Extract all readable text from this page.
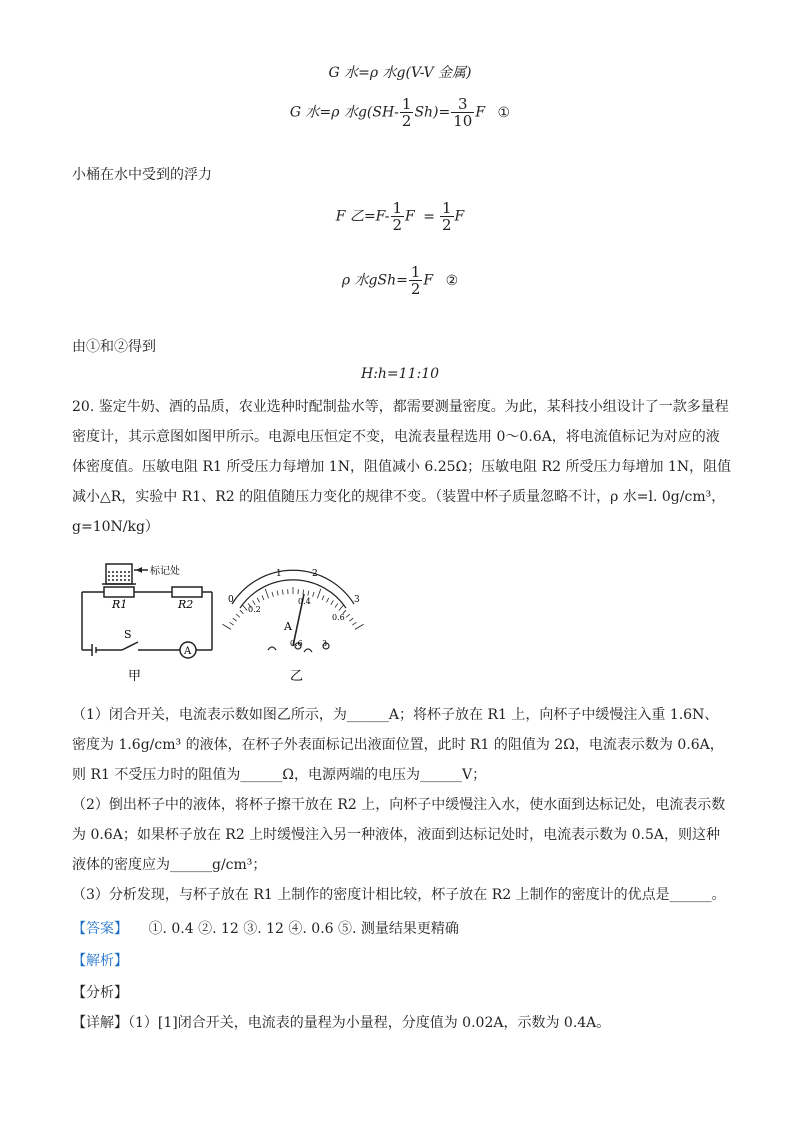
G 水=ρ 水g(V-V 金属)
G 水=ρ 水$g(SH- \frac{1}{2} Sh)= \frac{3}{10}$ F ①
小桶在水中受到的浮力
F 乙$=F- \frac{1}{2}$ $F = \frac{1}{2}$ F
ρ 水$gSh= \frac{1}{2}$ F ②
由①和②得到
H:h=11:10
20. 鉴定牛奶、酒的品质，农业选种时配制盐水等，都需要测量密度。为此，某科技小组设计了一款多量程密度计，其示意图如图甲所示。电源电压恒定不变，电流表量程选用 0～0.6A，将电流值标记为对应的液体密度值。压敏电阻 R1 所受压力每增加 1N，阻值减小 6.25Ω；压敏电阻 R2 所受压力每增加 1N，阻值减小△R，实验中 R1、R2 的阻值随压力变化的规律不变。（装置中杯子质量忽略不计，ρ 水=l. 0g/cm³，g=10N/kg）
标记处
R1	R2
S
A
甲
0
1	2
3
0.2
0.4
0.6
A
0.6 3
乙
（1）闭合开关，电流表示数如图乙所示，为______A；将杯子放在 R1 上，向杯子中缓慢注入重 1.6N、密度为 1.6g/cm³ 的液体，在杯子外表面标记出液面位置，此时 R1 的阻值为 2Ω，电流表示数为 0.6A，则 R1 不受压力时的阻值为______Ω，电源两端的电压为______V；
（2）倒出杯子中的液体，将杯子擦干放在 R2 上，向杯子中缓慢注入水，使水面到达标记处，电流表示数为 0.6A；如果杯子放在 R2 上时缓慢注入另一种液体，液面到达标记处时，电流表示数为 0.5A，则这种液体的密度应为______g/cm³；
（3）分析发现，与杯子放在 R1 上制作的密度计相比较，杯子放在 R2 上制作的密度计的优点是______。
【答案】 ①. 0.4 ②. 12 ③. 12 ④. 0.6 ⑤. 测量结果更精确
【解析】
【分析】
【详解】（1）[1]闭合开关，电流表的量程为小量程，分度值为 0.02A，示数为 0.4A。
